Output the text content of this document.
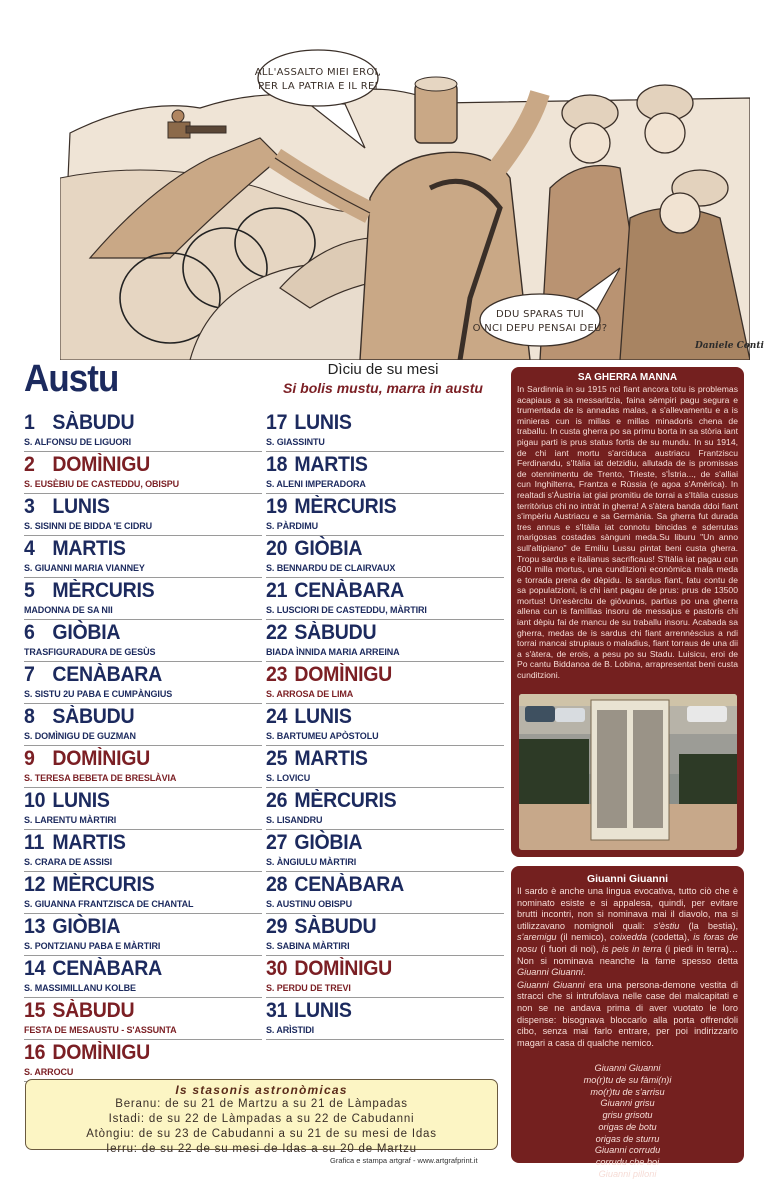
ALL'ASSALTO MIEI EROI,
PER LA PATRIA E IL REI
DDU SPARAS TUI
O NCI DEPU PENSAI DEU?
Daniele Conti
Austu	Dìciu de su mesi
Si bolis mustu, marra in austu
1 SÀBUDU
S. ALFONSU DE LIGUORI
2 DOMÌNIGU
S. EUSÈBIU DE CASTEDDU, OBISPU
3 LUNIS
S. SISINNI DE BIDDA 'E CIDRU
4 MARTIS
S. GIUANNI MARIA VIANNEY
5 MÈRCURIS
MADONNA DE SA NII
6 GIÒBIA
TRASFIGURADURA DE GESÙS
7 CENÀBARA
S. SISTU 2U PABA E CUMPÀNGIUS
8 SÀBUDU
S. DOMÌNIGU DE GUZMAN
9 DOMÌNIGU
S. TERESA BEBETA DE BRESLÀVIA
10 LUNIS
S. LARENTU MÀRTIRI
11 MARTIS
S. CRARA DE ASSISI
12 MÈRCURIS
S. GIUANNA FRANTZISCA DE CHANTAL
13 GIÒBIA
S. PONTZIANU PABA E MÀRTIRI
14 CENÀBARA
S. MASSIMILLANU KOLBE
15 SÀBUDU
FESTA DE MESAUSTU - S'ASSUNTA
16 DOMÌNIGU
S. ARROCU
17 LUNIS
S. GIASSINTU
18 MARTIS
S. ALENI IMPERADORA
19 MÈRCURIS
S. PÀRDIMU
20 GIÒBIA
S. BENNARDU DE CLAIRVAUX
21 CENÀBARA
S. LUSCIORI DE CASTEDDU, MÀRTIRI
22 SÀBUDU
BIADA ÌNNIDA MARIA ARREINA
23 DOMÌNIGU
S. ARROSA DE LIMA
24 LUNIS
S. BARTUMEU APÒSTOLU
25 MARTIS
S. LOVICU
26 MÈRCURIS
S. LISANDRU
27 GIÒBIA
S. ÀNGIULU MÀRTIRI
28 CENÀBARA
S. AUSTINU OBISPU
29 SÀBUDU
S. SABINA MÀRTIRI
30 DOMÌNIGU
S. PERDU DE TREVI
31 LUNIS
S. ARÌSTIDI
Is stasonis astronòmicas
Beranu: de su 21 de Martzu a su 21 de Làmpadas
Istadi: de su 22 de Làmpadas a su 22 de Cabudanni
Atòngiu: de su 23 de Cabudanni a su 21 de su mesi de Idas
Ierru: de su 22 de su mesi de Idas a su 20 de Martzu
Grafica e stampa artgraf - www.artgrafprint.it
SA GHERRA MANNA
In Sardinnia in su 1915 nci fiant ancora totu is problemas acapiaus a sa messaritzia, faina sèmpiri pagu segura e trumentada de is annadas malas, a s'allevamentu e a is minieras cun is millas e millas minadoris chena de traballu. In custa gherra po sa primu borta in sa stòria iant pigau parti is prus status fortis de su mundu. In su 1914, de chi iant mortu s'arciduca austriacu Frantziscu Ferdinandu, s'Itàlia iat detzidiu, allutada de is promissas de otennimentu de Trento, Trieste, s'Ìstria..., de s'alliai cun Inghilterra, Frantza e Rùssia (e agoa s'Amèrica). In realtadi s'Àustria iat giai promitiu de torrai a s'Itàlia cussus territòrius chi no intràt in gherra! A s'àtera banda ddoi fiant s'impèriu Austriacu e sa Germània. Sa gherra fut durada tres annus e s'Itàlia iat connotu bincidas e sderrutas marigosas costadas sànguni meda.Su liburu "Un anno sull'altipiano" de Emiliu Lussu pintat beni custa gherra. Tropu sardus e italianus sacrificaus! S'Itàlia iat pagau cun 600 milla mortus, una cunditzioni econòmica mala meda e torrada prena de dèpidu. Is sardus fiant, fatu contu de sa populatzioni, is chi iant pagau de prus: prus de 13500 mortus! Un'esèrcitu de giòvunus, partius po una gherra allena cun is famìllias insoru de messajus e pastoris chi iant dèpiu fai de mancu de su traballu insoru. Acabada sa gherra, medas de is sardus chi fiant arrennèscius a ndi torrai mancai strupiaus o maladius, fiant torraus de una dii a s'àtera, de erois, a pesu po su Stadu. Luisicu, eroi de Po cantu Biddanoa de B. Lobina, arrapresentat beni custa cunditzioni.
Giuanni Giuanni
Il sardo è anche una lingua evocativa, tutto ciò che è nominato esiste e si appalesa, quindi, per evitare brutti incontri, non si nominava mai il diavolo, ma si utilizzavano nomignoli quali: s'èstiu (la bestia), s'aremigu (il nemico), coixedda (codetta), is foras de nosu (i fuori di noi), is peis in terra (i piedi in terra)… Non si nominava neanche la fame spesso detta Giuanni Giuanni.
Giuanni Giuanni era una persona-demone vestita di stracci che si intrufolava nelle case dei malcapitati e non se ne andava prima di aver vuotato le loro dispense: bisognava bloccarlo alla porta offrendoli cibo, senza mai farlo entrare, per poi indirizzarlo magari a casa di qualche nemico.
Giuanni Giuanni
mo(r)tu de su fàmi(n)i
mo(r)tu de s'arrisu
Giuanni grisu
grisu grisotu
origas de botu
origas de sturru
Giuanni corrudu
corrudu che boi
Giuanni pilloni
